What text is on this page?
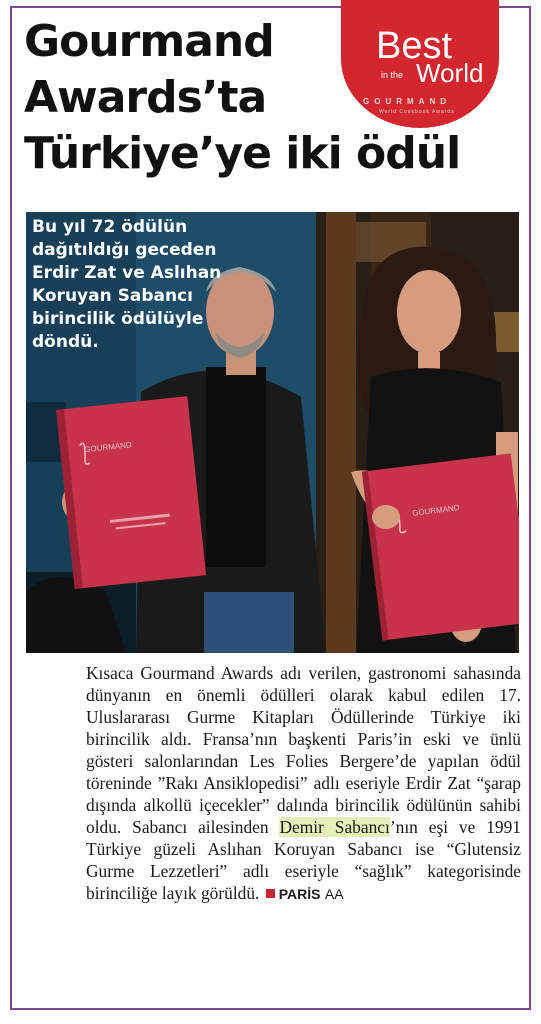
Gourmand
Awards’ta
Türkiye’ye iki ödül
Best
in the World
GOURMAND
World Cookbook Awards
GOURMAND
GOURMAND
Bu yıl 72 ödülün dağıtıldığı geceden Erdir Zat ve Aslıhan Koruyan Sabancı birincilik ödülüyle döndü.
Kısaca Gourmand Awards adı verilen, gastronomi sahasında dünyanın en önemli ödülleri olarak kabul edilen 17. Uluslararası Gurme Kitapları Ödüllerinde Türkiye iki birincilik aldı. Fransa’nın başkenti Paris’in eski ve ünlü gösteri salonlarından Les Folies Bergere’de yapılan ödül töreninde ”Rakı Ansiklopedisi” adlı eseriyle Erdir Zat “şarap dışında alkollü içecekler” dalında birincilik ödülünün sahibi oldu. Sabancı ailesinden Demir Sabancı’nın eşi ve 1991 Türkiye güzeli Aslıhan Koruyan Sabancı ise “Glutensiz Gurme Lezzetleri” adlı eseriyle “sağlık” kategorisinde birinciliğe layık görüldü. PARİS AA
